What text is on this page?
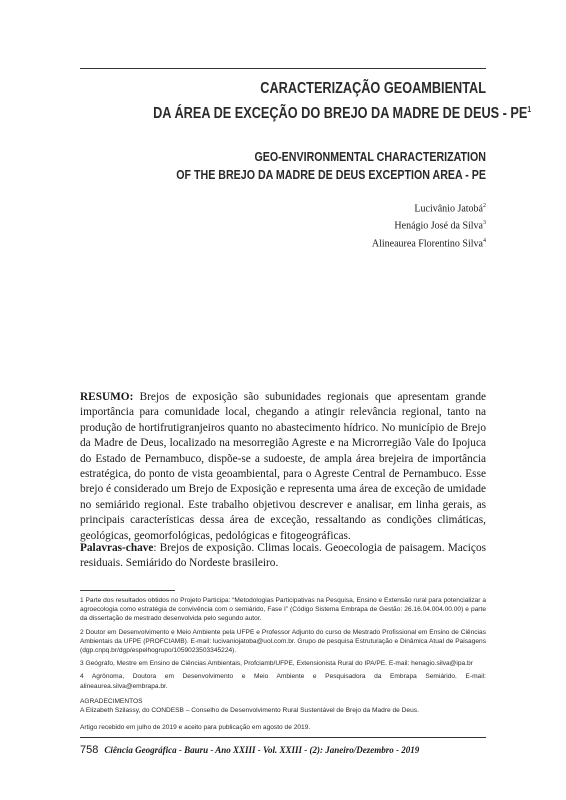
CARACTERIZAÇÃO GEOAMBIENTAL
DA ÁREA DE EXCEÇÃO DO BREJO DA MADRE DE DEUS - $PE^1$
GEO-ENVIRONMENTAL CHARACTERIZATION
OF THE BREJO DA MADRE DE DEUS EXCEPTION AREA - PE
Lucivânio Jatobá$^2$
Henágio José da Silva$^3$
Alineaurea Florentino Silva$^4$
RESUMO: Brejos de exposição são subunidades regionais que apresentam grande importância para comunidade local, chegando a atingir relevância regional, tanto na produção de hortifrutigranjeiros quanto no abastecimento hídrico. No município de Brejo da Madre de Deus, localizado na mesorregião Agreste e na Microrregião Vale do Ipojuca do Estado de Pernambuco, dispõe-se a sudoeste, de ampla área brejeira de importância estratégica, do ponto de vista geoambiental, para o Agreste Central de Pernambuco. Esse brejo é considerado um Brejo de Exposição e representa uma área de exceção de umidade no semiárido regional. Este trabalho objetivou descrever e analisar, em linha gerais, as principais características dessa área de exceção, ressaltando as condições climáticas, geológicas, geomorfológicas, pedológicas e fitogeográficas.
Palavras-chave: Brejos de exposição. Climas locais. Geoecologia de paisagem. Maciços residuais. Semiárido do Nordeste brasileiro.
1 Parte dos resultados obtidos no Projeto Participa: “Metodologias Participativas na Pesquisa, Ensino e Extensão rural para potencializar a agroecologia como estratégia de convivência com o semiárido, Fase I” (Código Sistema Embrapa de Gestão: 26.16.04.004.00.00) e parte da dissertação de mestrado desenvolvida pelo segundo autor.
2 Doutor em Desenvolvimento e Meio Ambiente pela UFPE e Professor Adjunto do curso de Mestrado Profissional em Ensino de Ciências Ambientais da UFPE (PROFCIAMB). E-mail: lucivaniojatoba@uol.com.br. Grupo de pesquisa Estruturação e Dinâmica Atual de Paisagens (dgp.cnpq.br/dgp/espelhogrupo/1059023503345224).
3 Geógrafo, Mestre em Ensino de Ciências Ambientais, Profciamb/UFPE, Extensionista Rural do IPA/PE. E-mail: henagio.silva@ipa.br
4 Agrônoma, Doutora em Desenvolvimento e Meio Ambiente e Pesquisadora da Embrapa Semiárido. E-mail: alineaurea.silva@embrapa.br.
AGRADECIMENTOS
A Elizabeth Szilassy, do CONDESB – Conselho de Desenvolvimento Rural Sustentável de Brejo da Madre de Deus.
Artigo recebido em julho de 2019 e aceito para publicação em agosto de 2019.
758 Ciência Geográfica - Bauru - Ano XXIII - Vol. XXIII - (2): Janeiro/Dezembro - 2019
